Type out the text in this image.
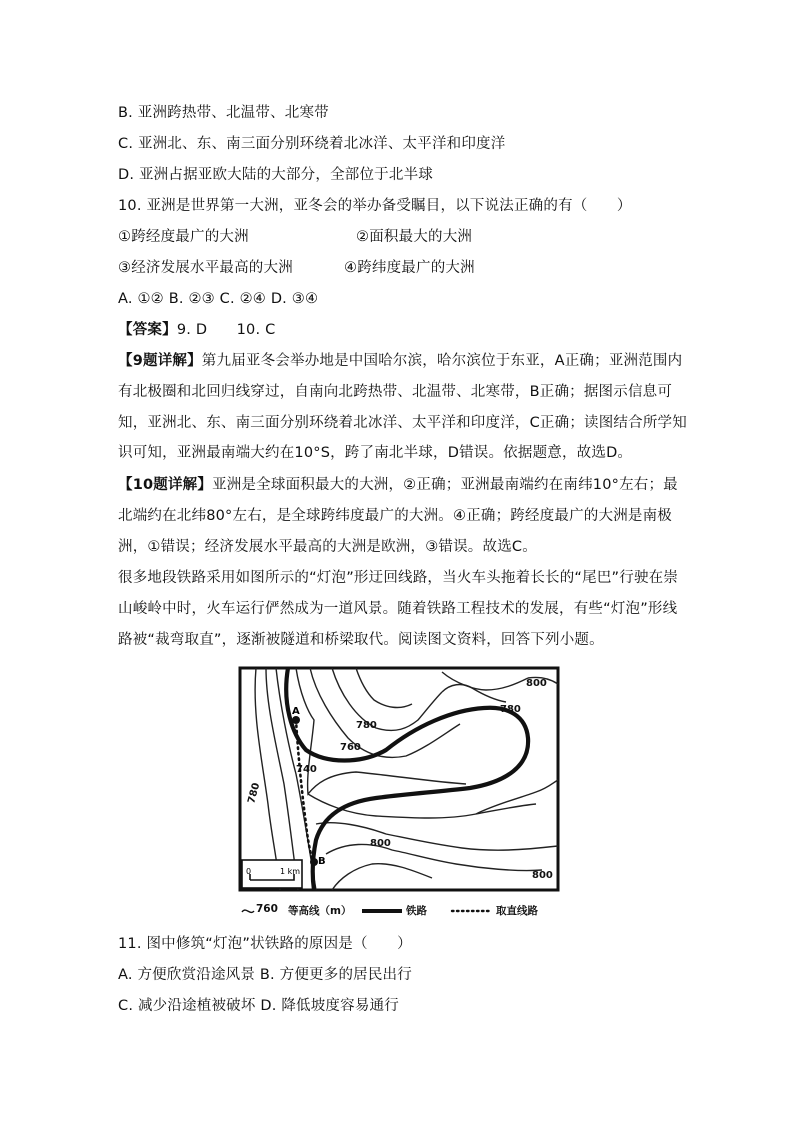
B. 亚洲跨热带、北温带、北寒带
C. 亚洲北、东、南三面分别环绕着北冰洋、太平洋和印度洋
D. 亚洲占据亚欧大陆的大部分，全部位于北半球
10. 亚洲是世界第一大洲，亚冬会的举办备受瞩目，以下说法正确的有（　　）
①跨经度最广的大洲	②面积最大的大洲
③经济发展水平最高的大洲	④跨纬度最广的大洲
A. ①② B. ②③ C. ②④ D. ③④
【答案】9. D　　10. C
【9题详解】第九届亚冬会举办地是中国哈尔滨，哈尔滨位于东亚，A正确；亚洲范围内有北极圈和北回归线穿过，自南向北跨热带、北温带、北寒带，B正确；据图示信息可知，亚洲北、东、南三面分别环绕着北冰洋、太平洋和印度洋，C正确；读图结合所学知识可知，亚洲最南端大约在10°S，跨了南北半球，D错误。依据题意，故选D。
【10题详解】亚洲是全球面积最大的大洲，②正确；亚洲最南端约在南纬10°左右；最北端约在北纬80°左右，是全球跨纬度最广的大洲。④正确；跨经度最广的大洲是南极洲，①错误；经济发展水平最高的大洲是欧洲，③错误。故选C。
很多地段铁路采用如图所示的“灯泡”形迂回线路，当火车头拖着长长的“尾巴”行驶在崇山峻岭中时，火车运行俨然成为一道风景。随着铁路工程技术的发展，有些“灯泡”形线路被“裁弯取直”，逐渐被隧道和桥梁取代。阅读图文资料，回答下列小题。
A
B
800
780
780
760
740
780
800
800
0	1 km
760 等高线（m）	铁路	取直线路
11. 图中修筑“灯泡”状铁路的原因是（　　）
A. 方便欣赏沿途风景 B. 方便更多的居民出行
C. 减少沿途植被破坏 D. 降低坡度容易通行
